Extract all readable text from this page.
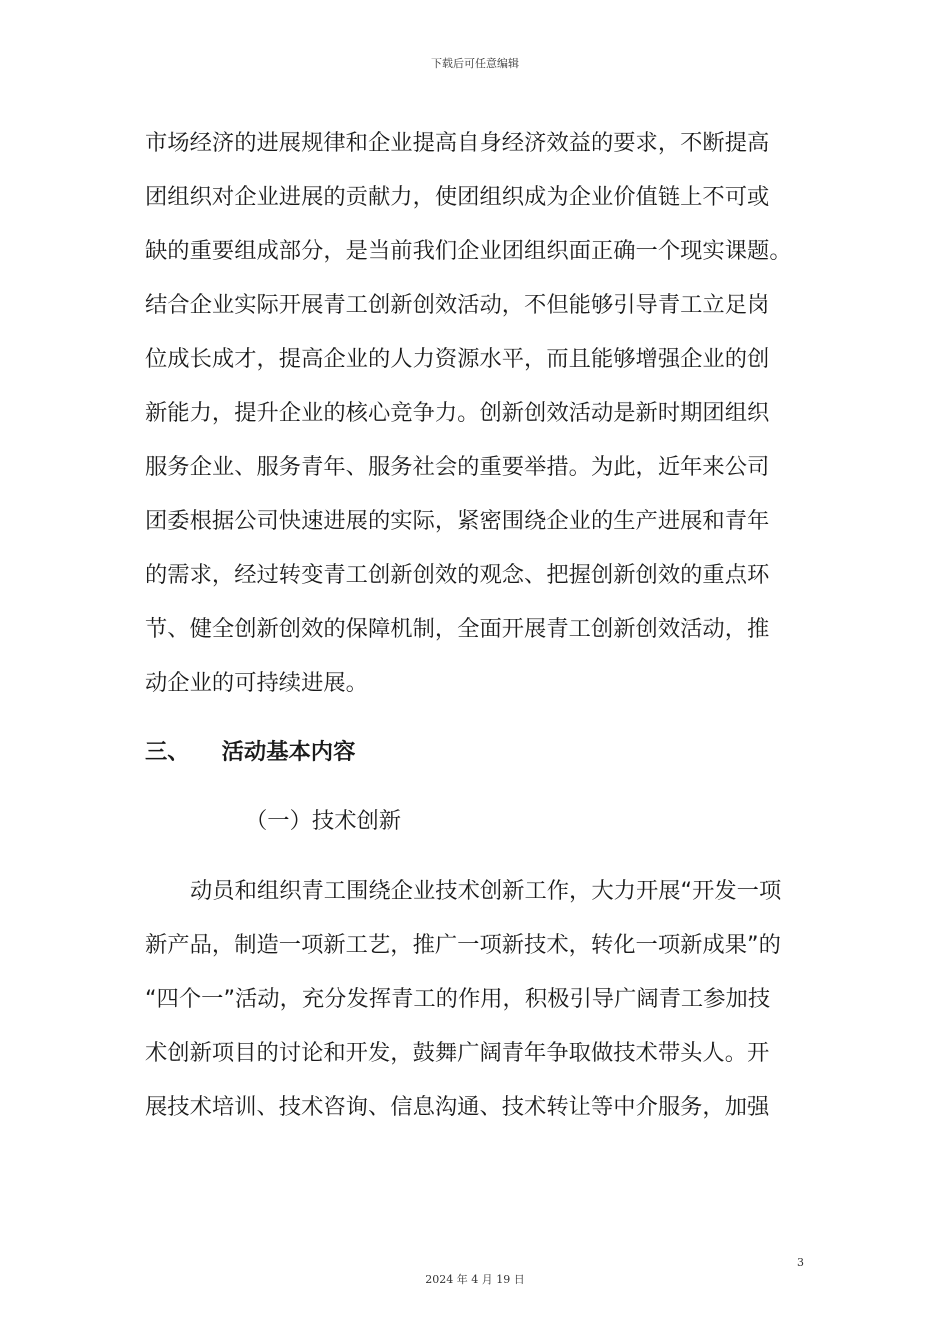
下载后可任意编辑
市场经济的进展规律和企业提高自身经济效益的要求，不断提高
团组织对企业进展的贡献力，使团组织成为企业价值链上不可或
缺的重要组成部分，是当前我们企业团组织面正确一个现实课题。
结合企业实际开展青工创新创效活动，不但能够引导青工立足岗
位成长成才，提高企业的人力资源水平，而且能够增强企业的创
新能力，提升企业的核心竞争力。创新创效活动是新时期团组织
服务企业、服务青年、服务社会的重要举措。为此，近年来公司
团委根据公司快速进展的实际，紧密围绕企业的生产进展和青年
的需求，经过转变青工创新创效的观念、把握创新创效的重点环
节、健全创新创效的保障机制，全面开展青工创新创效活动，推
动企业的可持续进展。
三、 活动基本内容
（一）技术创新
动员和组织青工围绕企业技术创新工作，大力开展“开发一项
新产品，制造一项新工艺，推广一项新技术，转化一项新成果”的
“四个一”活动，充分发挥青工的作用，积极引导广阔青工参加技
术创新项目的讨论和开发，鼓舞广阔青年争取做技术带头人。开
展技术培训、技术咨询、信息沟通、技术转让等中介服务，加强
3
2024 年 4 月 19 日
